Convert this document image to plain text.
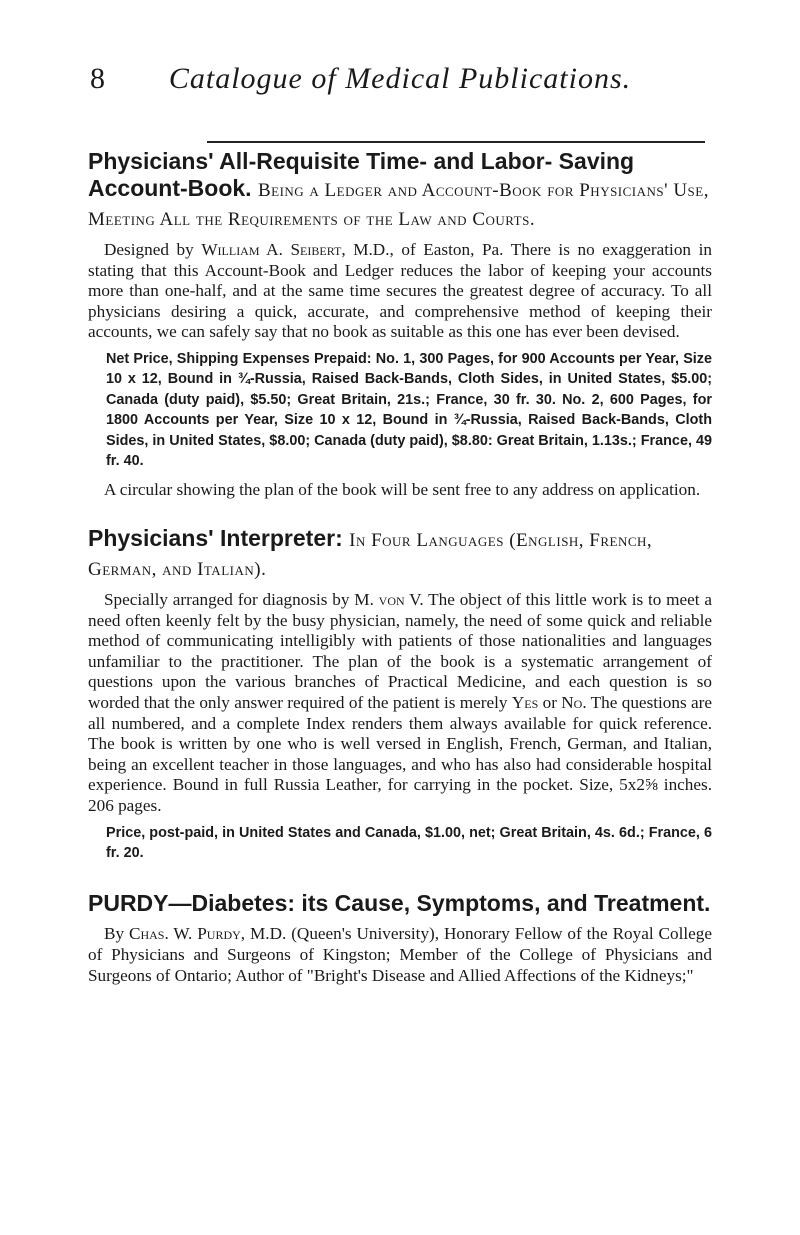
8	Catalogue of Medical Publications.

Physicians' All-Requisite Time- and Labor- Saving Account-Book. Being a Ledger and Account-Book for Physicians' Use, Meeting All the Requirements of the Law and Courts.

Designed by William A. Seibert, M.D., of Easton, Pa. There is no exaggeration in stating that this Account-Book and Ledger reduces the labor of keeping your accounts more than one-half, and at the same time secures the greatest degree of accuracy. To all physicians desiring a quick, accurate, and comprehensive method of keeping their accounts, we can safely say that no book as suitable as this one has ever been devised.

Net Price, Shipping Expenses Prepaid: No. 1, 300 Pages, for 900 Accounts per Year, Size 10 x 12, Bound in ¾-Russia, Raised Back-Bands, Cloth Sides, in United States, $5.00; Canada (duty paid), $5.50; Great Britain, 21s.; France, 30 fr. 30. No. 2, 600 Pages, for 1800 Accounts per Year, Size 10 x 12, Bound in ¾-Russia, Raised Back-Bands, Cloth Sides, in United States, $8.00; Canada (duty paid), $8.80: Great Britain, 1.13s.; France, 49 fr. 40.

A circular showing the plan of the book will be sent free to any address on application.

Physicians' Interpreter: In Four Languages (English, French, German, and Italian).

Specially arranged for diagnosis by M. von V. The object of this little work is to meet a need often keenly felt by the busy physician, namely, the need of some quick and reliable method of communicating intelligibly with patients of those nationalities and languages unfamiliar to the practitioner. The plan of the book is a systematic arrangement of questions upon the various branches of Practical Medicine, and each question is so worded that the only answer required of the patient is merely Yes or No. The questions are all numbered, and a complete Index renders them always available for quick reference. The book is written by one who is well versed in English, French, German, and Italian, being an excellent teacher in those languages, and who has also had considerable hospital experience. Bound in full Russia Leather, for carrying in the pocket. Size, 5x2⅝ inches. 206 pages.

Price, post-paid, in United States and Canada, $1.00, net; Great Britain, 4s. 6d.; France, 6 fr. 20.

PURDY—Diabetes: its Cause, Symptoms, and Treatment.

By Chas. W. Purdy, M.D. (Queen's University), Honorary Fellow of the Royal College of Physicians and Surgeons of Kingston; Member of the College of Physicians and Surgeons of Ontario; Author of "Bright's Disease and Allied Affections of the Kidneys;"
